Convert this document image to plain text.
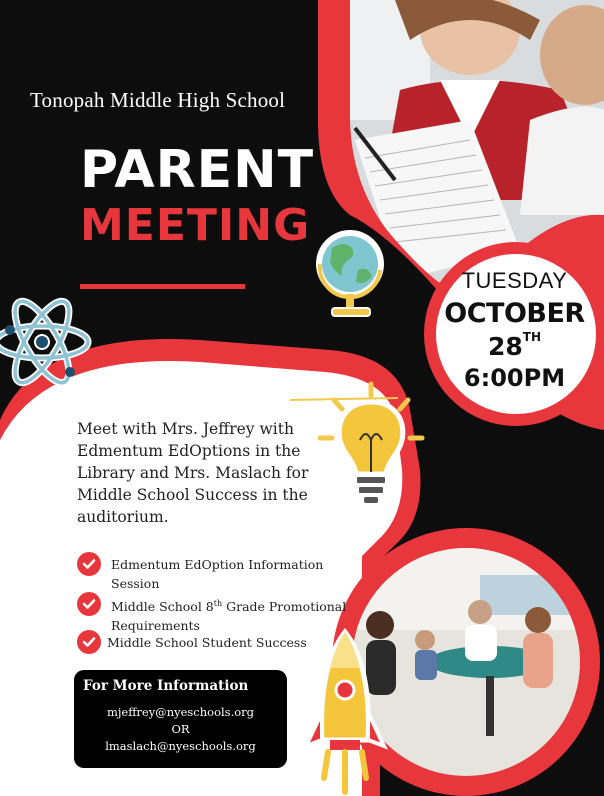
Tonopah Middle High School
PARENT
MEETING
TUESDAY
OCTOBER
28TH
6:00PM
Meet with Mrs. Jeffrey with Edmentum EdOptions in the Library and Mrs. Maslach for Middle School Success in the auditorium.
Edmentum EdOption Information
Session
Middle School 8th Grade Promotional
Requirements
Middle School Student Success
For More Information
mjeffrey@nyeschools.org
OR
lmaslach@nyeschools.org
